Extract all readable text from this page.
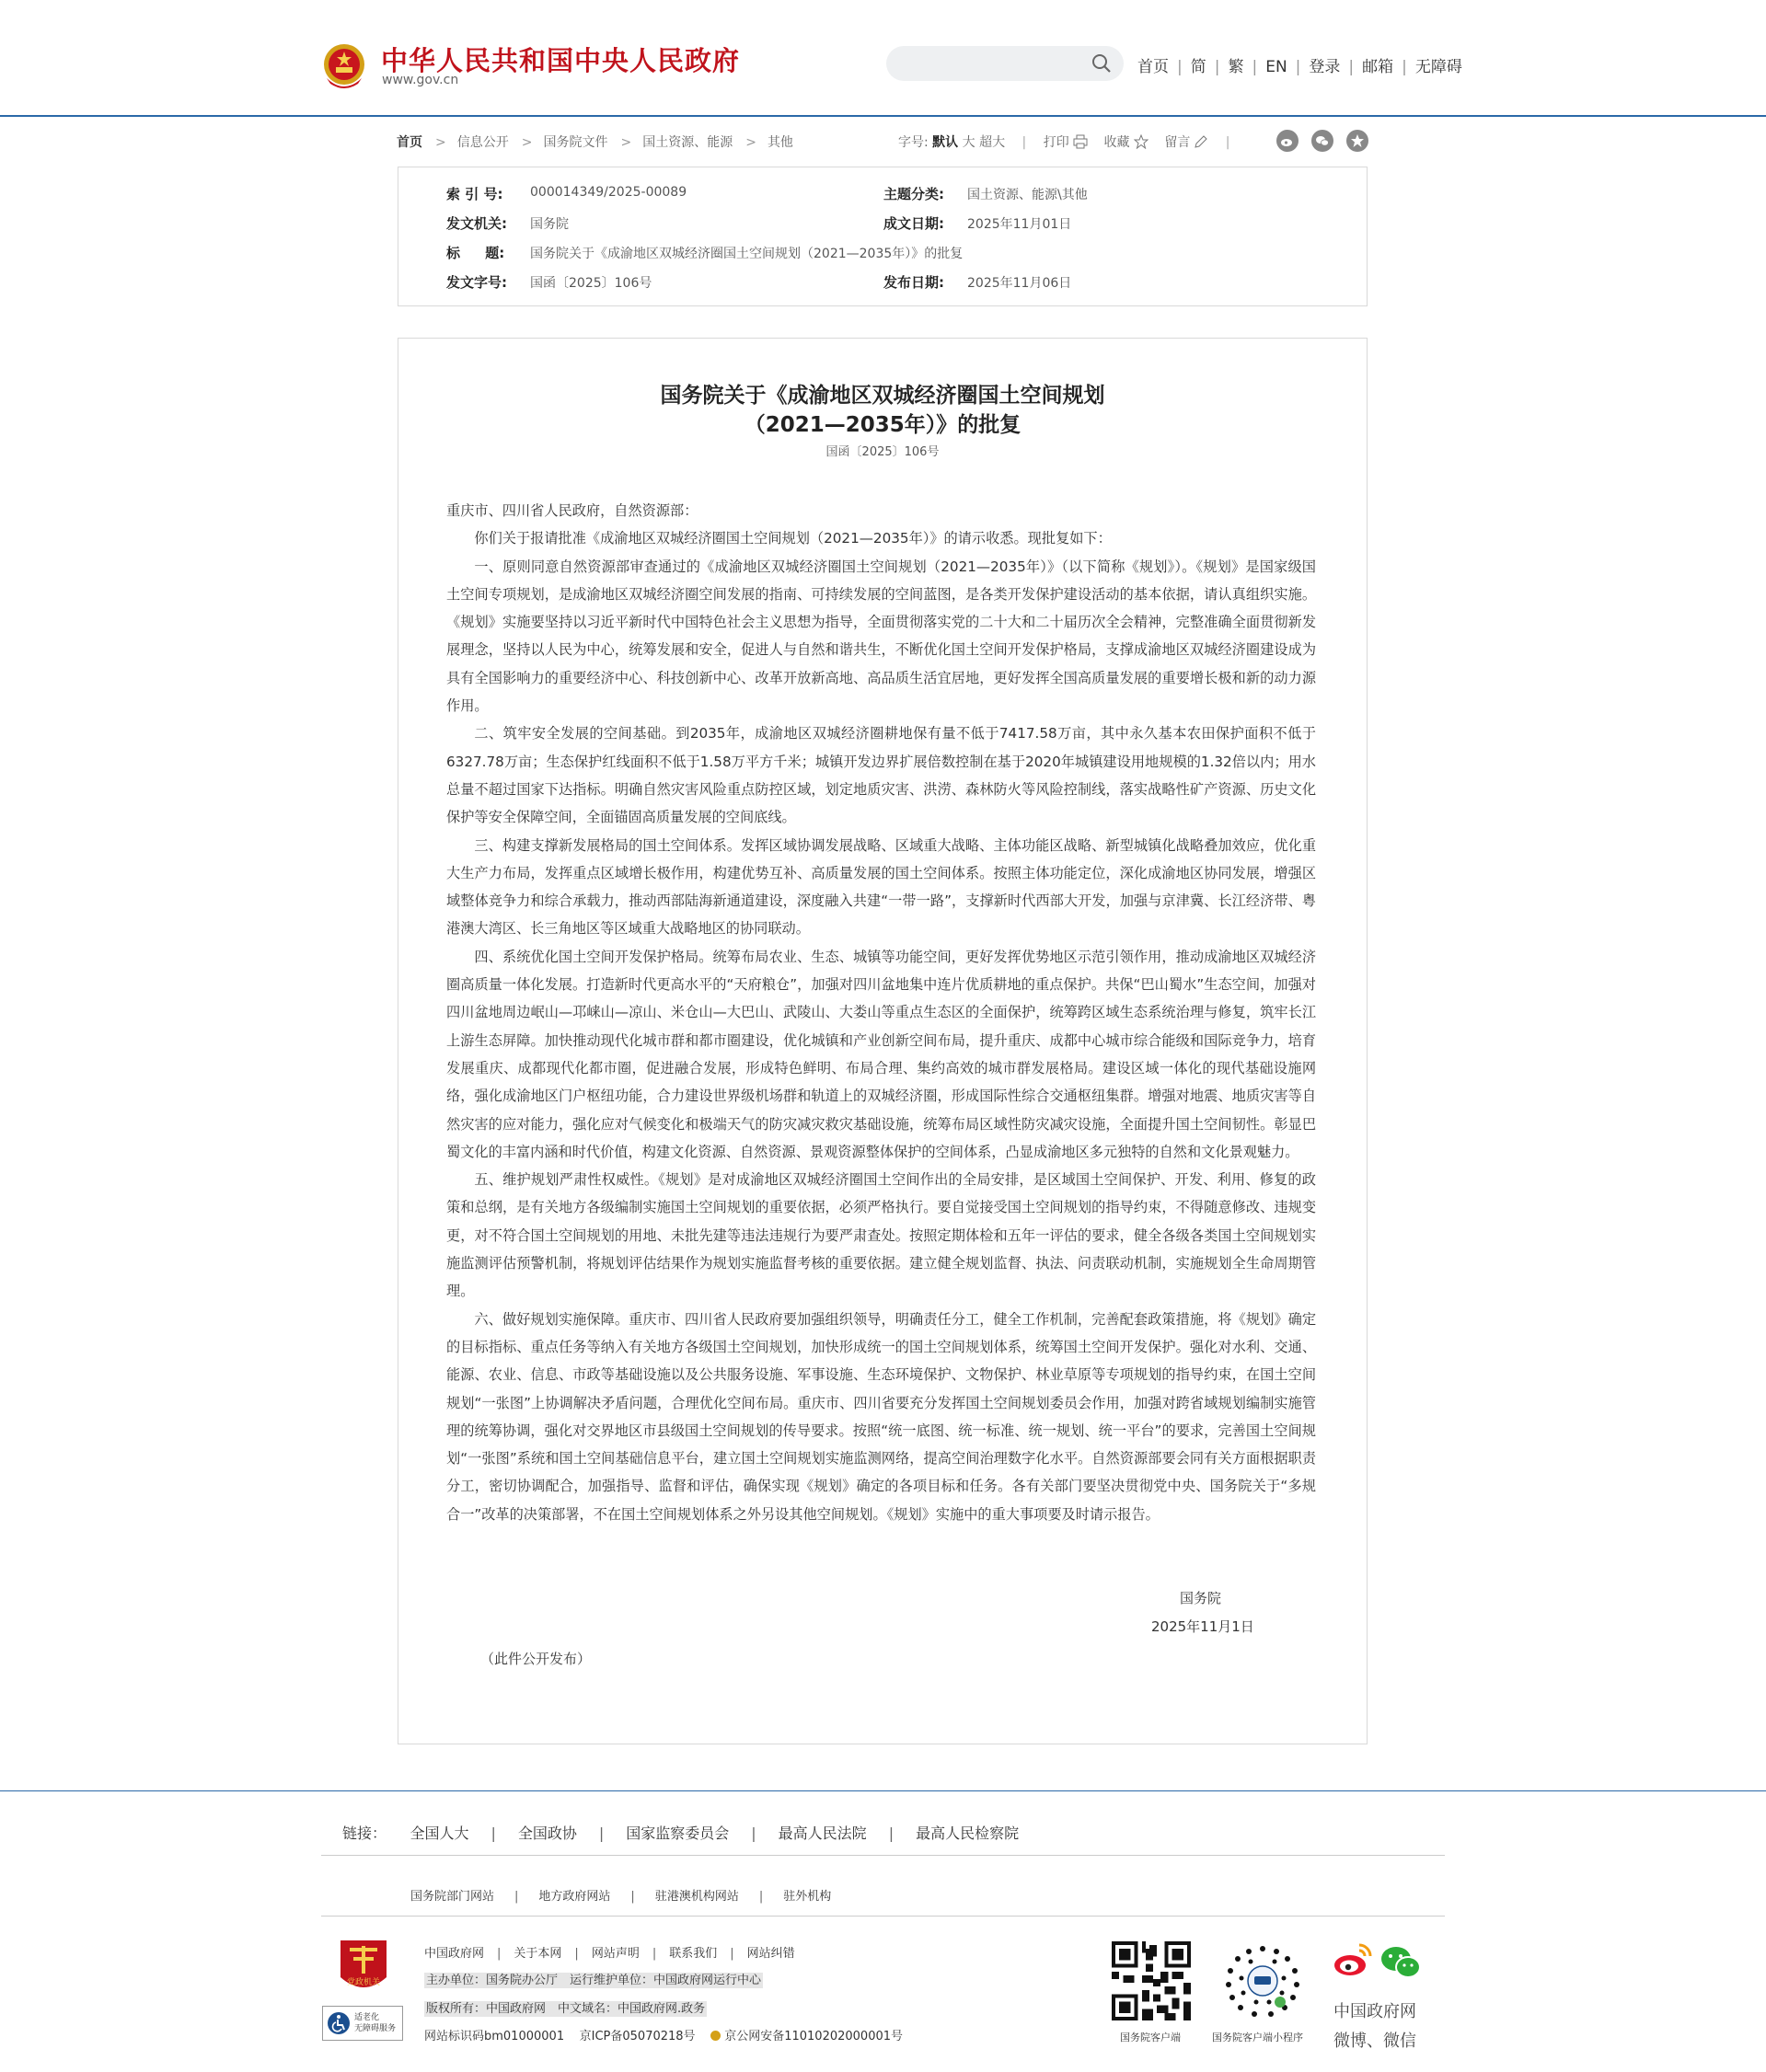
中华人民共和国中央人民政府
www.gov.cn
首页 | 简 | 繁 | EN | 登录 | 邮箱 | 无障碍
首页 > 信息公开 > 国务院文件 > 国土资源、能源 > 其他	字号: 默认 大 超大 | 打印	收藏	留言	|
索 引 号: 000014349/2025-00089	主题分类: 国土资源、能源\其他
发文机关: 国务院	成文日期: 2025年11月01日
标 题: 国务院关于《成渝地区双城经济圈国土空间规划（2021—2035年）》的批复
发文字号: 国函〔2025〕106号	发布日期: 2025年11月06日
国务院关于《成渝地区双城经济圈国土空间规划
（2021—2035年）》的批复
国函〔2025〕106号

重庆市、四川省人民政府，自然资源部：

你们关于报请批准《成渝地区双城经济圈国土空间规划（2021—2035年）》的请示收悉。现批复如下：

一、原则同意自然资源部审查通过的《成渝地区双城经济圈国土空间规划（2021—2035年）》（以下简称《规划》）。《规划》是国家级国土空间专项规划，是成渝地区双城经济圈空间发展的指南、可持续发展的空间蓝图，是各类开发保护建设活动的基本依据，请认真组织实施。《规划》实施要坚持以习近平新时代中国特色社会主义思想为指导，全面贯彻落实党的二十大和二十届历次全会精神，完整准确全面贯彻新发展理念，坚持以人民为中心，统筹发展和安全，促进人与自然和谐共生，不断优化国土空间开发保护格局，支撑成渝地区双城经济圈建设成为具有全国影响力的重要经济中心、科技创新中心、改革开放新高地、高品质生活宜居地，更好发挥全国高质量发展的重要增长极和新的动力源作用。

二、筑牢安全发展的空间基础。到2035年，成渝地区双城经济圈耕地保有量不低于7417.58万亩，其中永久基本农田保护面积不低于6327.78万亩；生态保护红线面积不低于1.58万平方千米；城镇开发边界扩展倍数控制在基于2020年城镇建设用地规模的1.32倍以内；用水总量不超过国家下达指标。明确自然灾害风险重点防控区域，划定地质灾害、洪涝、森林防火等风险控制线，落实战略性矿产资源、历史文化保护等安全保障空间，全面锚固高质量发展的空间底线。

三、构建支撑新发展格局的国土空间体系。发挥区域协调发展战略、区域重大战略、主体功能区战略、新型城镇化战略叠加效应，优化重大生产力布局，发挥重点区域增长极作用，构建优势互补、高质量发展的国土空间体系。按照主体功能定位，深化成渝地区协同发展，增强区域整体竞争力和综合承载力，推动西部陆海新通道建设，深度融入共建“一带一路”，支撑新时代西部大开发，加强与京津冀、长江经济带、粤港澳大湾区、长三角地区等区域重大战略地区的协同联动。

四、系统优化国土空间开发保护格局。统筹布局农业、生态、城镇等功能空间，更好发挥优势地区示范引领作用，推动成渝地区双城经济圈高质量一体化发展。打造新时代更高水平的“天府粮仓”，加强对四川盆地集中连片优质耕地的重点保护。共保“巴山蜀水”生态空间，加强对四川盆地周边岷山—邛崃山—凉山、米仓山—大巴山、武陵山、大娄山等重点生态区的全面保护，统筹跨区域生态系统治理与修复，筑牢长江上游生态屏障。加快推动现代化城市群和都市圈建设，优化城镇和产业创新空间布局，提升重庆、成都中心城市综合能级和国际竞争力，培育发展重庆、成都现代化都市圈，促进融合发展，形成特色鲜明、布局合理、集约高效的城市群发展格局。建设区域一体化的现代基础设施网络，强化成渝地区门户枢纽功能，合力建设世界级机场群和轨道上的双城经济圈，形成国际性综合交通枢纽集群。增强对地震、地质灾害等自然灾害的应对能力，强化应对气候变化和极端天气的防灾减灾救灾基础设施，统筹布局区域性防灾减灾设施，全面提升国土空间韧性。彰显巴蜀文化的丰富内涵和时代价值，构建文化资源、自然资源、景观资源整体保护的空间体系，凸显成渝地区多元独特的自然和文化景观魅力。

五、维护规划严肃性权威性。《规划》是对成渝地区双城经济圈国土空间作出的全局安排，是区域国土空间保护、开发、利用、修复的政策和总纲，是有关地方各级编制实施国土空间规划的重要依据，必须严格执行。要自觉接受国土空间规划的指导约束，不得随意修改、违规变更，对不符合国土空间规划的用地、未批先建等违法违规行为要严肃查处。按照定期体检和五年一评估的要求，健全各级各类国土空间规划实施监测评估预警机制，将规划评估结果作为规划实施监督考核的重要依据。建立健全规划监督、执法、问责联动机制，实施规划全生命周期管理。

六、做好规划实施保障。重庆市、四川省人民政府要加强组织领导，明确责任分工，健全工作机制，完善配套政策措施，将《规划》确定的目标指标、重点任务等纳入有关地方各级国土空间规划，加快形成统一的国土空间规划体系，统筹国土空间开发保护。强化对水利、交通、能源、农业、信息、市政等基础设施以及公共服务设施、军事设施、生态环境保护、文物保护、林业草原等专项规划的指导约束，在国土空间规划“一张图”上协调解决矛盾问题，合理优化空间布局。重庆市、四川省要充分发挥国土空间规划委员会作用，加强对跨省域规划编制实施管理的统筹协调，强化对交界地区市县级国土空间规划的传导要求。按照“统一底图、统一标准、统一规划、统一平台”的要求，完善国土空间规划“一张图”系统和国土空间基础信息平台，建立国土空间规划实施监测网络，提高空间治理数字化水平。自然资源部要会同有关方面根据职责分工，密切协调配合，加强指导、监督和评估，确保实现《规划》确定的各项目标和任务。各有关部门要坚决贯彻党中央、国务院关于“多规合一”改革的决策部署，不在国土空间规划体系之外另设其他空间规划。《规划》实施中的重大事项要及时请示报告。

国务院
2025年11月1日
（此件公开发布）
链接： 全国人大 | 全国政协 | 国家监察委员会 | 最高人民法院 | 最高人民检察院
国务院部门网站 | 地方政府网站 | 驻港澳机构网站 | 驻外机构
党政机关
适老化
无障碍服务
中国政府网 | 关于本网 | 网站声明 | 联系我们 | 网站纠错
主办单位：国务院办公厅　运行维护单位：中国政府网运行中心
版权所有：中国政府网　中文域名：中国政府网.政务
网站标识码bm01000001 京ICP备05070218号 京公网安备11010202000001号	国务院客户端	国务院客户端小程序
中国政府网
微博、微信
